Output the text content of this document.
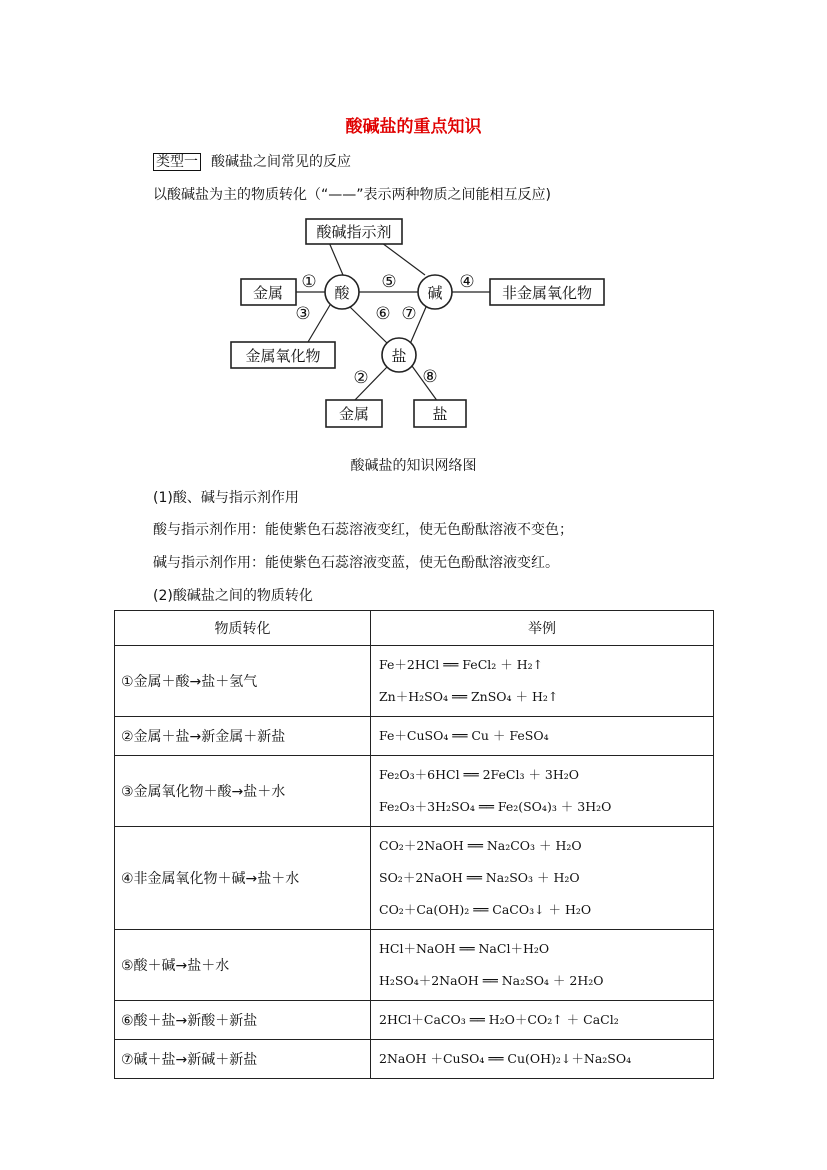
酸碱盐的重点知识
类型一 酸碱盐之间常见的反应
以酸碱盐为主的物质转化（“——”表示两种物质之间能相互反应)
酸碱指示剂
金属	酸	碱	非金属氧化物
金属氧化物	盐
金属	盐
①	⑤	④
③	⑥ ⑦
②	⑧
酸碱盐的知识网络图
(1)酸、碱与指示剂作用
酸与指示剂作用：能使紫色石蕊溶液变红，使无色酚酞溶液不变色；
碱与指示剂作用：能使紫色石蕊溶液变蓝，使无色酚酞溶液变红。
(2)酸碱盐之间的物质转化
物质转化	举例
①金属＋酸→盐＋氢气	Fe＋2HCl ══ FeCl₂ ＋ H₂↑
Zn＋H₂SO₄ ══ ZnSO₄ ＋ H₂↑

②金属＋盐→新金属＋新盐	Fe＋CuSO₄ ══ Cu ＋ FeSO₄

③金属氧化物＋酸→盐＋水	Fe₂O₃＋6HCl ══ 2FeCl₃ ＋ 3H₂O
Fe₂O₃＋3H₂SO₄ ══ Fe₂(SO₄)₃ ＋ 3H₂O

④非金属氧化物＋碱→盐＋水	CO₂＋2NaOH ══ Na₂CO₃ ＋ H₂O
SO₂＋2NaOH ══ Na₂SO₃ ＋ H₂O
CO₂＋Ca(OH)₂ ══ CaCO₃↓ ＋ H₂O

⑤酸＋碱→盐＋水	HCl＋NaOH ══ NaCl＋H₂O
H₂SO₄＋2NaOH ══ Na₂SO₄ ＋ 2H₂O

⑥酸＋盐→新酸＋新盐	2HCl＋CaCO₃ ══ H₂O＋CO₂↑ ＋ CaCl₂

⑦碱＋盐→新碱＋新盐	2NaOH ＋CuSO₄ ══ Cu(OH)₂↓＋Na₂SO₄
